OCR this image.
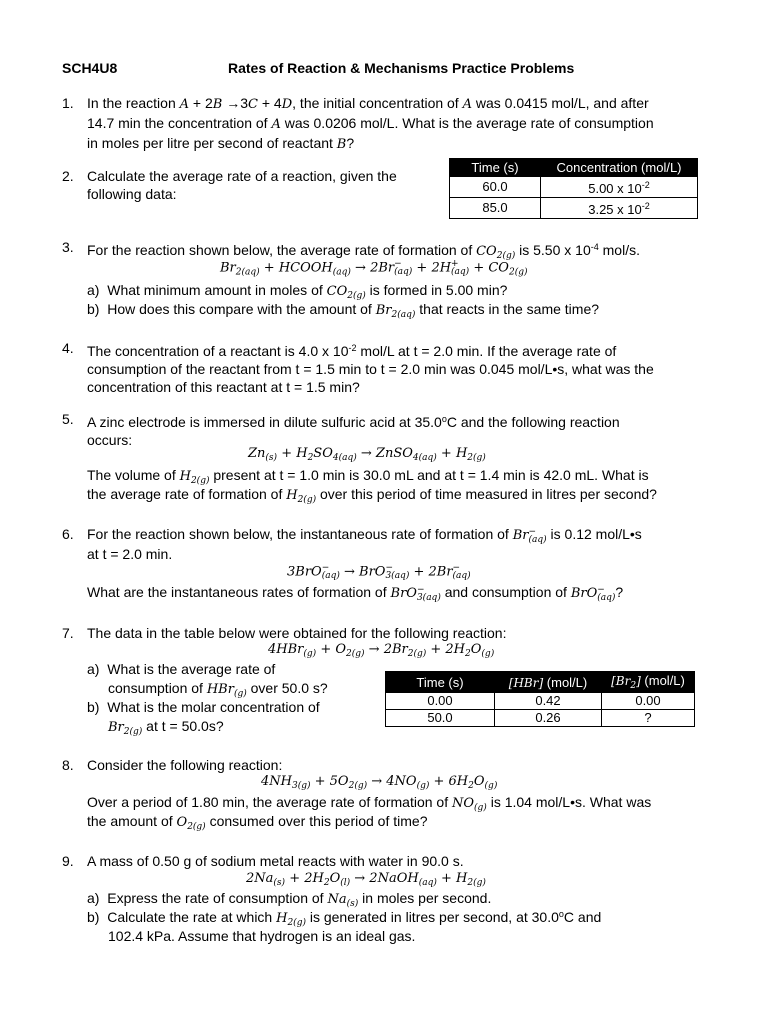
SCH4U8	Rates of Reaction & Mechanisms Practice Problems
1. In the reaction A + 2B →3C + 4D, the initial concentration of A was 0.0415 mol/L, and after
14.7 min the concentration of A was 0.0206 mol/L. What is the average rate of consumption
in moles per litre per second of reactant B?
2. Calculate the average rate of a reaction, given the following data:
Time (s)	Concentration (mol/L)
60.0	5.00 x $10^{-2}$
85.0	3.25 x $10^{-2}$
3. For the reaction shown below, the average rate of formation of $CO_{2(g)}$ is 5.50 x $10^{-4}$ mol/s.
$Br_{2(aq)}$ + $HCOOH_{(aq)} \to 2Br$ −
(aq) + 2H +
$(aq) + CO_{2(g)}$
a) What minimum amount in moles of $CO_{2(g)}$ is formed in 5.00 min?
b) How does this compare with the amount of $Br_{2(aq)}$ that reacts in the same time?
4. The concentration of a reactant is 4.0 x $10^{-2}$ mol/L at t = 2.0 min. If the average rate of
consumption of the reactant from t = 1.5 min to t = 2.0 min was 0.045 mol/L•s, what was the
concentration of this reactant at t = 1.5 min?
5. A zinc electrode is immersed in dilute sulfuric acid at 35.0$^o$C and the following reaction
occurs:
$Zn_{(s)} + H_2SO_{4(aq)}$ → ZnSO$_{4(aq)}$ + $H_{2(g)}$
The volume of $H_{2(g)}$ present at t = 1.0 min is 30.0 mL and at t = 1.4 min is 42.0 mL. What is
the average rate of formation of $H_{2(g)}$ over this period of time measured in litres per second?
6. For the reaction shown below, the instantaneous rate of formation of Br −
(aq) is 0.12 mol/L•s
at t = 2.0 min.
3BrO −
(aq) → BrO −
3(aq) + 2Br −
(aq)
What are the instantaneous rates of formation of BrO −
3(aq) and consumption of BrO −
(aq) ?
7. The data in the table below were obtained for the following reaction:
$4HBr_{(g)} + O_{2(g)} \to 2Br_{2(g)} + 2H_2O_{(g)}$
a) What is the average rate of
consumption of HBr$_{(g)}$ over 50.0 s?
b) What is the molar concentration of
$Br_{2(g)}$ at t = 50.0s?
Time (s)	[HBr] (mol/L)	$[Br_2]$ (mol/L)
0.00	0.42	0.00
50.0	0.26	?
8. Consider the following reaction:
$4NH_{3(g)} + 5O_{2(g)} \to 4NO_{(g)} + 6H_2O_{(g)}$
Over a period of 1.80 min, the average rate of formation of $NO_{(g)}$ is 1.04 mol/L•s. What was
the amount of $O_{2(g)}$ consumed over this period of time?
9. A mass of 0.50 g of sodium metal reacts with water in 90.0 s.
$2Na_{(s)} + 2H_2O_{(l)}$ → 2NaOH$_{(aq)}$ + $H_{2(g)}$
a) Express the rate of consumption of $Na_{(s)}$ in moles per second.
b) Calculate the rate at which $H_{2(g)}$ is generated in litres per second, at 30.0$^o$C and
102.4 kPa. Assume that hydrogen is an ideal gas.
